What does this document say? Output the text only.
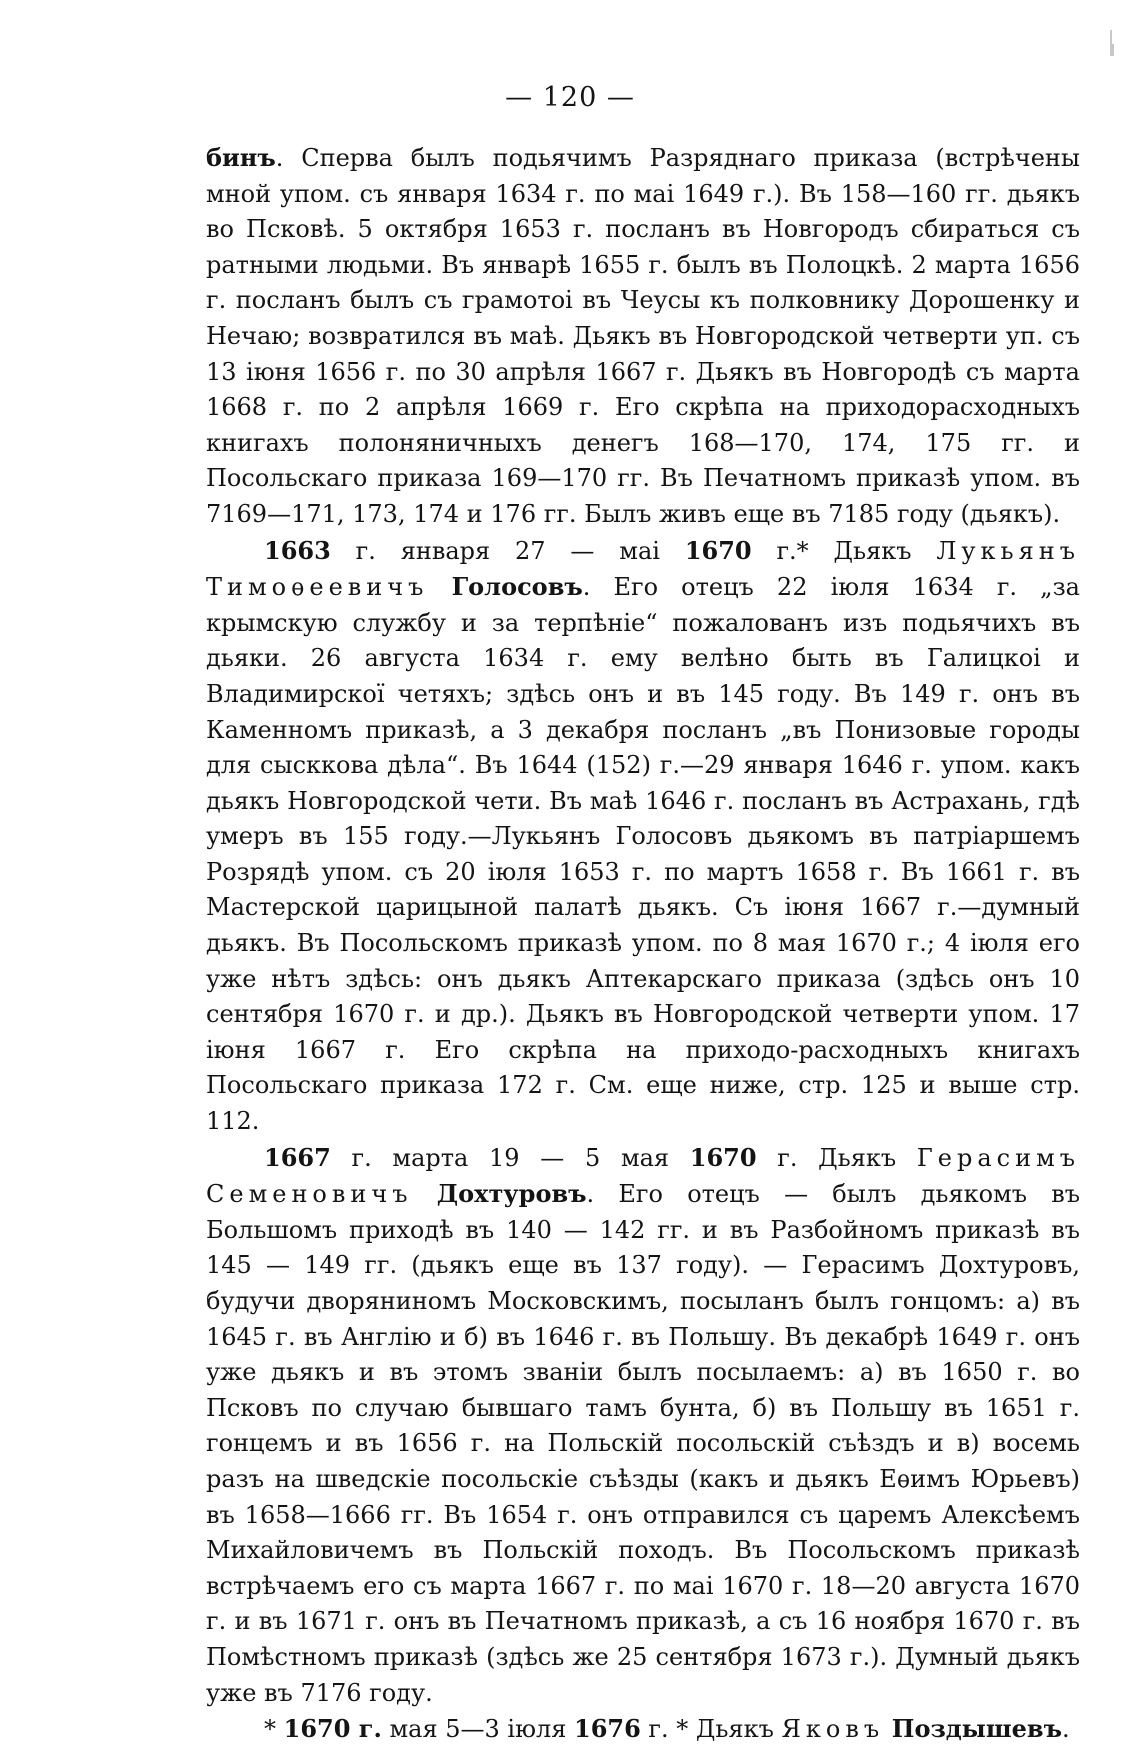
— 120 —

бинъ. Сперва былъ подьячимъ Разряднаго приказа (встрѣчены мной упом. съ января 1634 г. по маі 1649 г.). Въ 158—160 гг. дьякъ во Псковѣ. 5 октября 1653 г. посланъ въ Новгородъ сбираться съ ратными людьми. Въ январѣ 1655 г. былъ въ Полоцкѣ. 2 марта 1656 г. посланъ былъ съ грамотоі въ Чеусы къ полковнику Дорошенку и Нечаю; возвратился въ маѣ. Дьякъ въ Новгородской четверти уп. съ 13 іюня 1656 г. по 30 апрѣля 1667 г. Дьякъ въ Новгородѣ съ марта 1668 г. по 2 апрѣля 1669 г. Его скрѣпа на приходорасходныхъ книгахъ полоняничныхъ денегъ 168—170, 174, 175 гг. и Посольскаго приказа 169—170 гг. Въ Печатномъ приказѣ упом. въ 7169—171, 173, 174 и 176 гг. Былъ живъ еще въ 7185 году (дьякъ).

1663 г. января 27 — маі 1670 г.* Дьякъ Лукьянъ Тимоѳеевичъ Голосовъ. Его отецъ 22 іюля 1634 г. „за крымскую службу и за терпѣніе“ пожалованъ изъ подьячихъ въ дьяки. 26 августа 1634 г. ему велѣно быть въ Галицкоі и Владимирскої четяхъ; здѣсь онъ и въ 145 году. Въ 149 г. онъ въ Каменномъ приказѣ, а 3 декабря посланъ „въ Понизовые городы для сысккова дѣла“. Въ 1644 (152) г.—29 января 1646 г. упом. какъ дьякъ Новгородской чети. Въ маѣ 1646 г. посланъ въ Астрахань, гдѣ умеръ въ 155 году.—Лукьянъ Голосовъ дьякомъ въ патріаршемъ Розрядѣ упом. съ 20 іюля 1653 г. по мартъ 1658 г. Въ 1661 г. въ Мастерской царицыной палатѣ дьякъ. Съ іюня 1667 г.—думный дьякъ. Въ Посольскомъ приказѣ упом. по 8 мая 1670 г.; 4 іюля его уже нѣтъ здѣсь: онъ дьякъ Аптекарскаго приказа (здѣсь онъ 10 сентября 1670 г. и др.). Дьякъ въ Новгородской четверти упом. 17 іюня 1667 г. Его скрѣпа на приходо-расходныхъ книгахъ Посольскаго приказа 172 г. См. еще ниже, стр. 125 и выше стр. 112.

1667 г. марта 19 — 5 мая 1670 г. Дьякъ Герасимъ Семеновичъ Дохтуровъ. Его отецъ — былъ дьякомъ въ Большомъ приходѣ въ 140 — 142 гг. и въ Разбойномъ приказѣ въ 145 — 149 гг. (дьякъ еще въ 137 году). — Герасимъ Дохтуровъ, будучи дворяниномъ Московскимъ, посыланъ былъ гонцомъ: а) въ 1645 г. въ Англію и б) въ 1646 г. въ Польшу. Въ декабрѣ 1649 г. онъ уже дьякъ и въ этомъ званіи былъ посылаемъ: а) въ 1650 г. во Псковъ по случаю бывшаго тамъ бунта, б) въ Польшу въ 1651 г. гонцемъ и въ 1656 г. на Польскій посольскій съѣздъ и в) восемь разъ на шведскіе посольскіе съѣзды (какъ и дьякъ Еѳимъ Юрьевъ) въ 1658—1666 гг. Въ 1654 г. онъ отправился съ царемъ Алексѣемъ Михайловичемъ въ Польскій походъ. Въ Посольскомъ приказѣ встрѣчаемъ его съ марта 1667 г. по маі 1670 г. 18—20 августа 1670 г. и въ 1671 г. онъ въ Печатномъ приказѣ, а съ 16 ноября 1670 г. въ Помѣстномъ приказѣ (здѣсь же 25 сентября 1673 г.). Думный дьякъ уже въ 7176 году.

* 1670 г. мая 5—3 іюля 1676 г. * Дьякъ Яковъ Поздышевъ.
